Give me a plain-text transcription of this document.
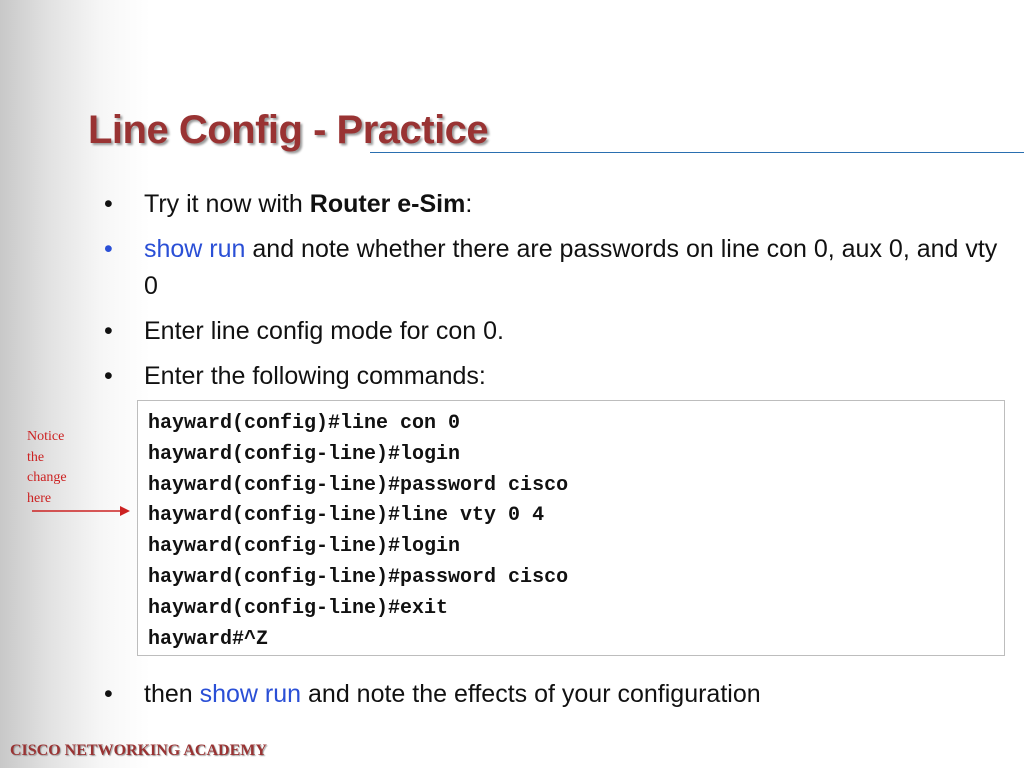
Line Config - Practice
•	Try it now with Router e-Sim:
•	show run and note whether there are passwords on line con 0, aux 0, and vty 0
•	Enter line config mode for con 0.
•	Enter the following commands:
hayward(config)#line con 0
hayward(config-line)#login
hayward(config-line)#password cisco
hayward(config-line)#line vty 0 4
hayward(config-line)#login
hayward(config-line)#password cisco
hayward(config-line)#exit
hayward#^Z
Notice
the
change
here
•	then show run and note the effects of your configuration
CISCO NETWORKING ACADEMY
